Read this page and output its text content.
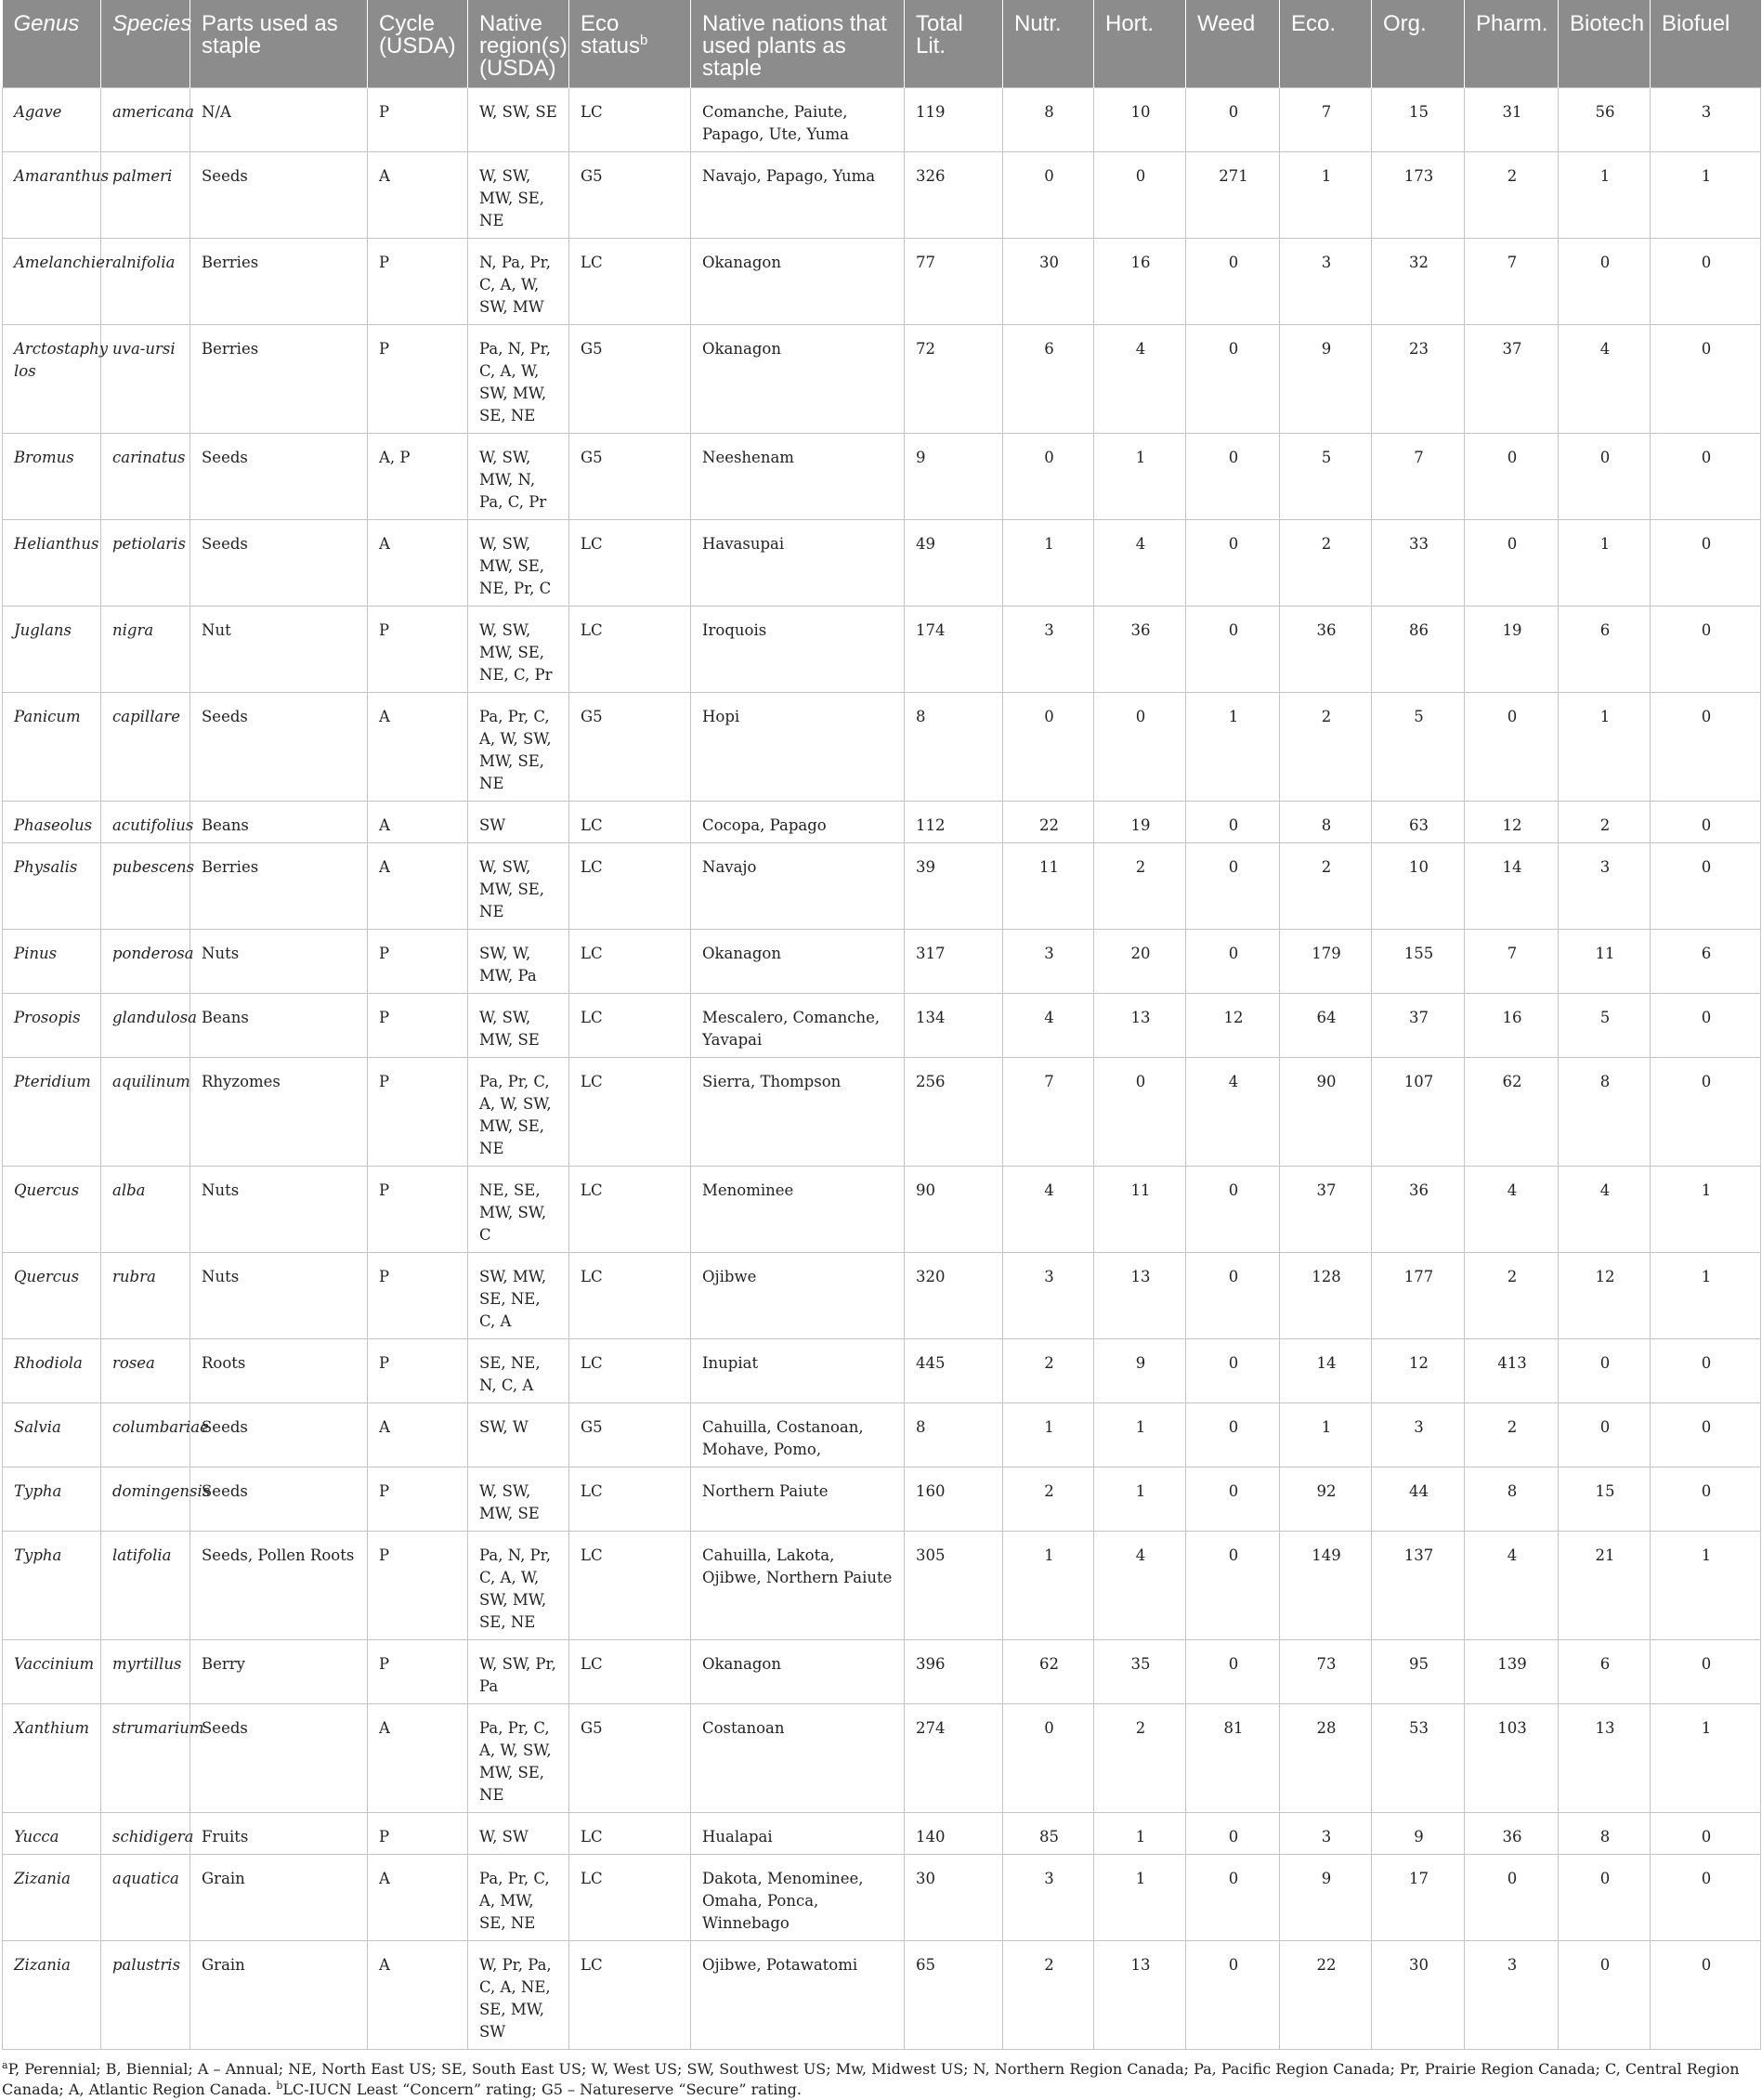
Genus	Species	Parts used as staple	Cycle (USDA)	Native region(s) (USDA)	Eco status$^b$	Native nations that used plants as staple	Total Lit.	Nutr.	Hort.	Weed	Eco.	Org.	Pharm.	Biotech	Biofuel
Agave	americana	N/A	P	W, SW, SE	LC	Comanche, Paiute, Papago, Ute, Yuma	119	8	10	0	7	15	31	56	3
Amaranthus	palmeri	Seeds	A	W, SW, MW, SE, NE	G5	Navajo, Papago, Yuma	326	0	0	271	1	173	2	1	1
Amelanchier	alnifolia	Berries	P	N, Pa, Pr, C, A, W, SW, MW	LC	Okanagon	77	30	16	0	3	32	7	0	0
Arctostaphy los	uva-ursi	Berries	P	Pa, N, Pr, C, A, W, SW, MW, SE, NE	G5	Okanagon	72	6	4	0	9	23	37	4	0
Bromus	carinatus	Seeds	A, P	W, SW, MW, N, Pa, C, Pr	G5	Neeshenam	9	0	1	0	5	7	0	0	0
Helianthus	petiolaris	Seeds	A	W, SW, MW, SE, NE, Pr, C	LC	Havasupai	49	1	4	0	2	33	0	1	0
Juglans	nigra	Nut	P	W, SW, MW, SE, NE, C, Pr	LC	Iroquois	174	3	36	0	36	86	19	6	0
Panicum	capillare	Seeds	A	Pa, Pr, C, A, W, SW, MW, SE, NE	G5	Hopi	8	0	0	1	2	5	0	1	0
Phaseolus	acutifolius	Beans	A	SW	LC	Cocopa, Papago	112	22	19	0	8	63	12	2	0
Physalis	pubescens	Berries	A	W, SW, MW, SE, NE	LC	Navajo	39	11	2	0	2	10	14	3	0
Pinus	ponderosa	Nuts	P	SW, W, MW, Pa	LC	Okanagon	317	3	20	0	179	155	7	11	6
Prosopis	glandulosa	Beans	P	W, SW, MW, SE	LC	Mescalero, Comanche, Yavapai	134	4	13	12	64	37	16	5	0
Pteridium	aquilinum	Rhyzomes	P	Pa, Pr, C, A, W, SW, MW, SE, NE	LC	Sierra, Thompson	256	7	0	4	90	107	62	8	0
Quercus	alba	Nuts	P	NE, SE, MW, SW, C	LC	Menominee	90	4	11	0	37	36	4	4	1
Quercus	rubra	Nuts	P	SW, MW, SE, NE, C, A	LC	Ojibwe	320	3	13	0	128	177	2	12	1
Rhodiola	rosea	Roots	P	SE, NE, N, C, A	LC	Inupiat	445	2	9	0	14	12	413	0	0
Salvia	columbariae	Seeds	A	SW, W	G5	Cahuilla, Costanoan, Mohave, Pomo,	8	1	1	0	1	3	2	0	0
Typha	domingensis	Seeds	P	W, SW, MW, SE	LC	Northern Paiute	160	2	1	0	92	44	8	15	0
Typha	latifolia	Seeds, Pollen Roots	P	Pa, N, Pr, C, A, W, SW, MW, SE, NE	LC	Cahuilla, Lakota, Ojibwe, Northern Paiute	305	1	4	0	149	137	4	21	1
Vaccinium	myrtillus	Berry	P	W, SW, Pr, Pa	LC	Okanagon	396	62	35	0	73	95	139	6	0
Xanthium	strumarium	Seeds	A	Pa, Pr, C, A, W, SW, MW, SE, NE	G5	Costanoan	274	0	2	81	28	53	103	13	1
Yucca	schidigera	Fruits	P	W, SW	LC	Hualapai	140	85	1	0	3	9	36	8	0
Zizania	aquatica	Grain	A	Pa, Pr, C, A, MW, SE, NE	LC	Dakota, Menominee, Omaha, Ponca, Winnebago	30	3	1	0	9	17	0	0	0
Zizania	palustris	Grain	A	W, Pr, Pa, C, A, NE, SE, MW, SW	LC	Ojibwe, Potawatomi	65	2	13	0	22	30	3	0	0
$^a$P, Perennial; B, Biennial; A – Annual; NE, North East US; SE, South East US; W, West US; SW, Southwest US; Mw, Midwest US; N, Northern Region Canada; Pa, Pacific Region Canada; Pr, Prairie Region Canada; C, Central Region Canada; A, Atlantic Region Canada. $^b$LC-IUCN Least “Concern” rating; G5 – Natureserve “Secure” rating.
